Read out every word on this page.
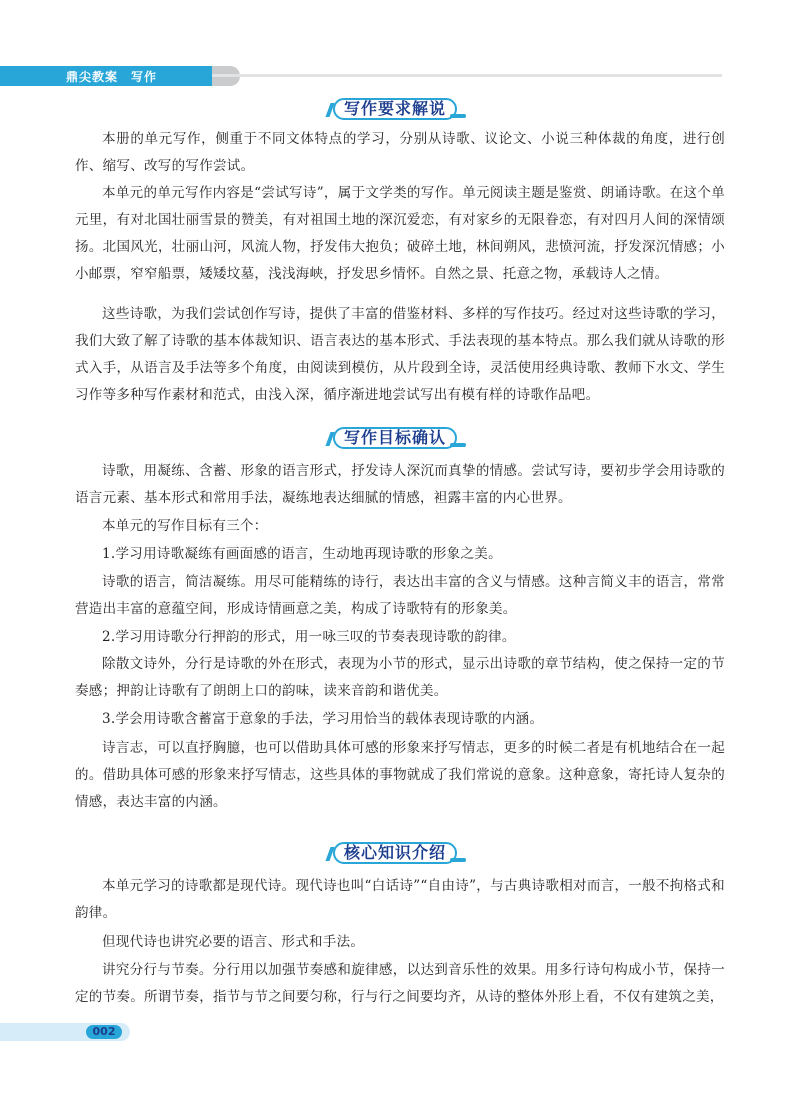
鼎尖教案　写作
写作要求解说

本册的单元写作，侧重于不同文体特点的学习，分别从诗歌、议论文、小说三种体裁的角度，进行创作、缩写、改写的写作尝试。

本单元的单元写作内容是“尝试写诗”，属于文学类的写作。单元阅读主题是鉴赏、朗诵诗歌。在这个单元里，有对北国壮丽雪景的赞美，有对祖国土地的深沉爱恋，有对家乡的无限眷恋，有对四月人间的深情颂扬。北国风光，壮丽山河，风流人物，抒发伟大抱负；破碎土地，林间朔风，悲愤河流，抒发深沉情感；小小邮票，窄窄船票，矮矮坟墓，浅浅海峡，抒发思乡情怀。自然之景、托意之物，承载诗人之情。

这些诗歌，为我们尝试创作写诗，提供了丰富的借鉴材料、多样的写作技巧。经过对这些诗歌的学习，我们大致了解了诗歌的基本体裁知识、语言表达的基本形式、手法表现的基本特点。那么我们就从诗歌的形式入手，从语言及手法等多个角度，由阅读到模仿，从片段到全诗，灵活使用经典诗歌、教师下水文、学生习作等多种写作素材和范式，由浅入深，循序渐进地尝试写出有模有样的诗歌作品吧。

写作目标确认

诗歌，用凝练、含蓄、形象的语言形式，抒发诗人深沉而真挚的情感。尝试写诗，要初步学会用诗歌的语言元素、基本形式和常用手法，凝练地表达细腻的情感，袒露丰富的内心世界。

本单元的写作目标有三个：

1.学习用诗歌凝练有画面感的语言，生动地再现诗歌的形象之美。

诗歌的语言，简洁凝练。用尽可能精练的诗行，表达出丰富的含义与情感。这种言简义丰的语言，常常营造出丰富的意蕴空间，形成诗情画意之美，构成了诗歌特有的形象美。

2.学习用诗歌分行押韵的形式，用一咏三叹的节奏表现诗歌的韵律。

除散文诗外，分行是诗歌的外在形式，表现为小节的形式，显示出诗歌的章节结构，使之保持一定的节奏感；押韵让诗歌有了朗朗上口的韵味，读来音韵和谐优美。

3.学会用诗歌含蓄富于意象的手法，学习用恰当的载体表现诗歌的内涵。

诗言志，可以直抒胸臆，也可以借助具体可感的形象来抒写情志，更多的时候二者是有机地结合在一起的。借助具体可感的形象来抒写情志，这些具体的事物就成了我们常说的意象。这种意象，寄托诗人复杂的情感，表达丰富的内涵。

核心知识介绍

本单元学习的诗歌都是现代诗。现代诗也叫“白话诗”“自由诗”，与古典诗歌相对而言，一般不拘格式和韵律。

但现代诗也讲究必要的语言、形式和手法。

讲究分行与节奏。分行用以加强节奏感和旋律感，以达到音乐性的效果。用多行诗句构成小节，保持一定的节奏。所谓节奏，指节与节之间要匀称，行与行之间要均齐，从诗的整体外形上看，不仅有建筑之美，

002
